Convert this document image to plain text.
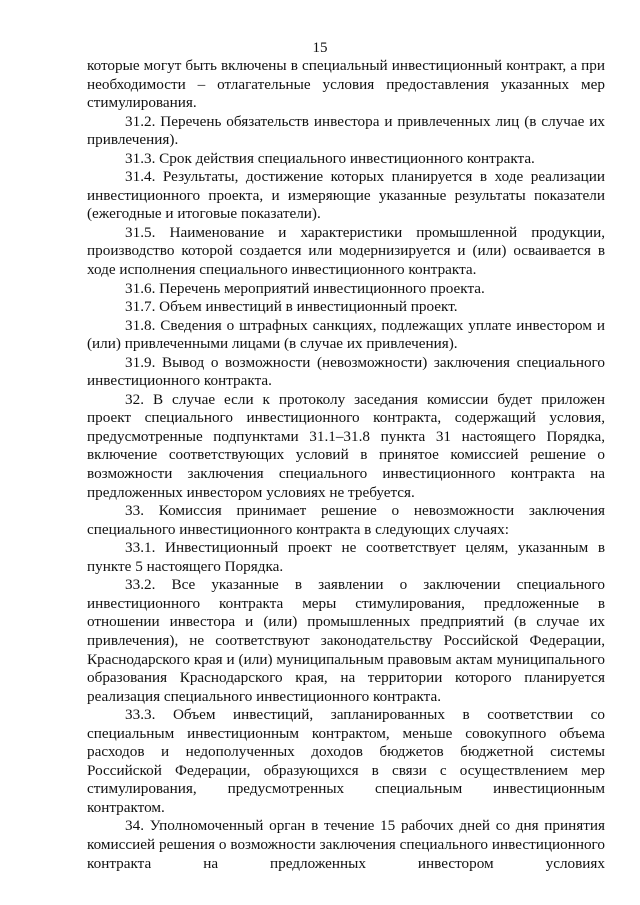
15

которые могут быть включены в специальный инвестиционный контракт, а при необходимости – отлагательные условия предоставления указанных мер стимулирования.

31.2. Перечень обязательств инвестора и привлеченных лиц (в случае их привлечения).

31.3. Срок действия специального инвестиционного контракта.

31.4. Результаты, достижение которых планируется в ходе реализации инвестиционного проекта, и измеряющие указанные результаты показатели (ежегодные и итоговые показатели).

31.5. Наименование и характеристики промышленной продукции, производство которой создается или модернизируется и (или) осваивается в ходе исполнения специального инвестиционного контракта.

31.6. Перечень мероприятий инвестиционного проекта.

31.7. Объем инвестиций в инвестиционный проект.

31.8. Сведения о штрафных санкциях, подлежащих уплате инвестором и (или) привлеченными лицами (в случае их привлечения).

31.9. Вывод о возможности (невозможности) заключения специального инвестиционного контракта.

32. В случае если к протоколу заседания комиссии будет приложен проект специального инвестиционного контракта, содержащий условия, предусмотренные подпунктами 31.1–31.8 пункта 31 настоящего Порядка, включение соответствующих условий в принятое комиссией решение о возможности заключения специального инвестиционного контракта на предложенных инвестором условиях не требуется.

33. Комиссия принимает решение о невозможности заключения специального инвестиционного контракта в следующих случаях:

33.1. Инвестиционный проект не соответствует целям, указанным в пункте 5 настоящего Порядка.

33.2. Все указанные в заявлении о заключении специального инвестиционного контракта меры стимулирования, предложенные в отношении инвестора и (или) промышленных предприятий (в случае их привлечения), не соответствуют законодательству Российской Федерации, Краснодарского края и (или) муниципальным правовым актам муниципального образования Краснодарского края, на территории которого планируется реализация специального инвестиционного контракта.

33.3. Объем инвестиций, запланированных в соответствии со специальным инвестиционным контрактом, меньше совокупного объема расходов и недополученных доходов бюджетов бюджетной системы Российской Федерации, образующихся в связи с осуществлением мер стимулирования, предусмотренных специальным инвестиционным контрактом.

34. Уполномоченный орган в течение 15 рабочих дней со дня принятия комиссией решения о возможности заключения специального инвестиционного контракта на предложенных инвестором условиях
